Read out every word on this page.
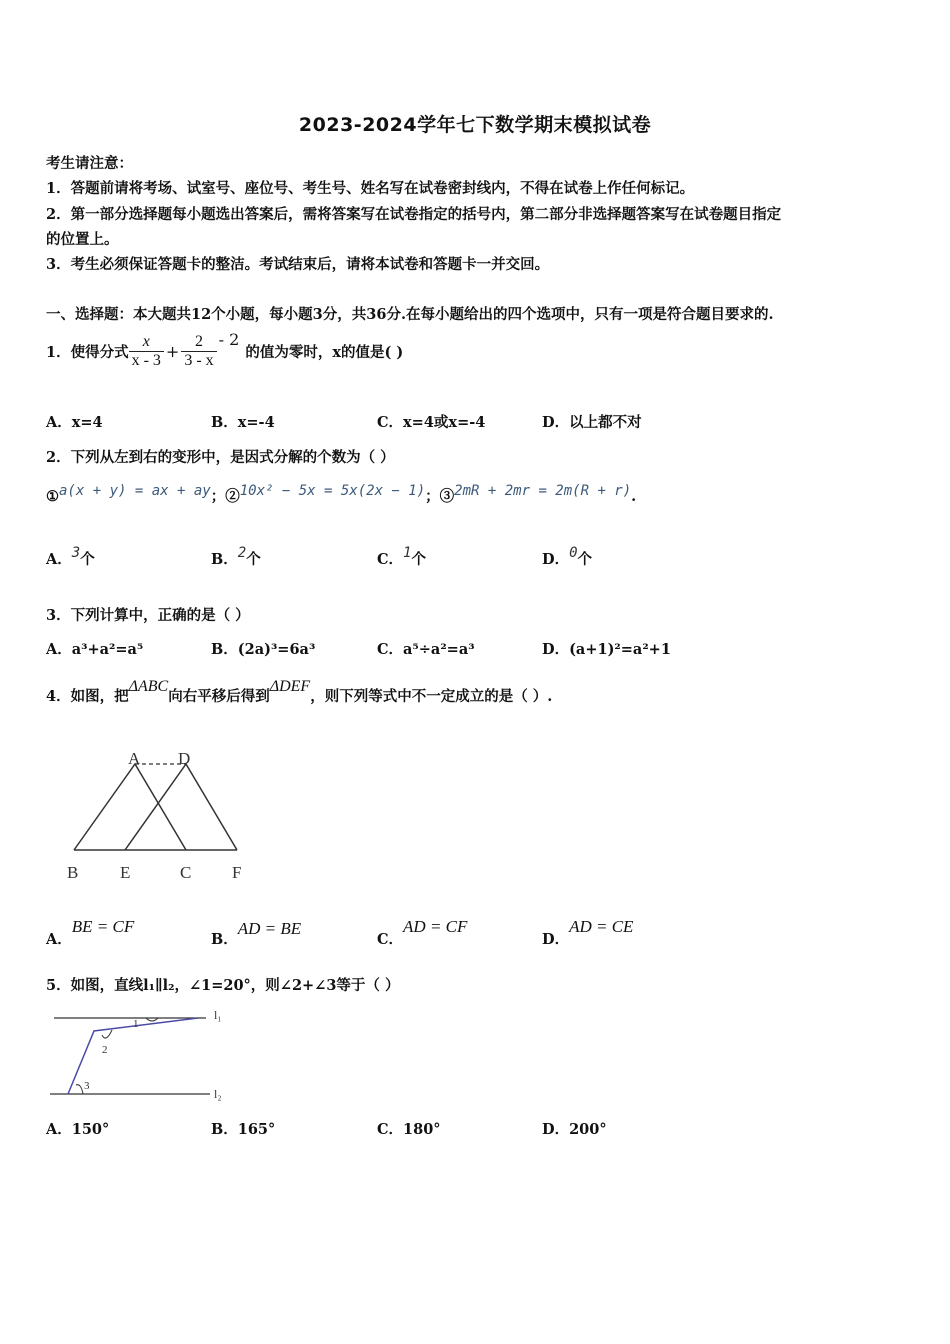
2023-2024学年七下数学期末模拟试卷
考生请注意：
1．答题前请将考场、试室号、座位号、考生号、姓名写在试卷密封线内，不得在试卷上作任何标记。
2．第一部分选择题每小题选出答案后，需将答案写在试卷指定的括号内，第二部分非选择题答案写在试卷题目指定
的位置上。
3．考生必须保证答题卡的整洁。考试结束后，请将本试卷和答题卡一并交回。
一、选择题：本大题共12个小题，每小题3分，共36分.在每小题给出的四个选项中，只有一项是符合题目要求的.
1．使得分式 $\frac{x}{x - 3} + \frac{2}{3 - x} - 2$
的值为零时，x的值是( )
A．x=4	B．x=-4	C．x=4或x=-4	D．以上都不对
2．下列从左到右的变形中，是因式分解的个数为（ ）
①a(x + y) = ax + ay；②10x² − 5x = 5x(2x − 1)；③2mR + 2mr = 2m(R + r).
A．3个	B．2个	C．1个	D．0个
3．下列计算中，正确的是（ ）
A．a³+a²=a⁵	B．(2a)³=6a³	C．a⁵÷a²=a³	D．(a+1)²=a²+1
4．如图，把ΔABC向右平移后得到ΔDEF，则下列等式中不一定成立的是（ ）.
A D
B E	C F
A．BE = CF
B．AD = BE
C．AD = CF
D．AD = CE
5．如图，直线l₁∥l₂，∠1=20°，则∠2+∠3等于（ ）
l₁
l₂
1
2
3
A．150°	B．165°	C．180°	D．200°
